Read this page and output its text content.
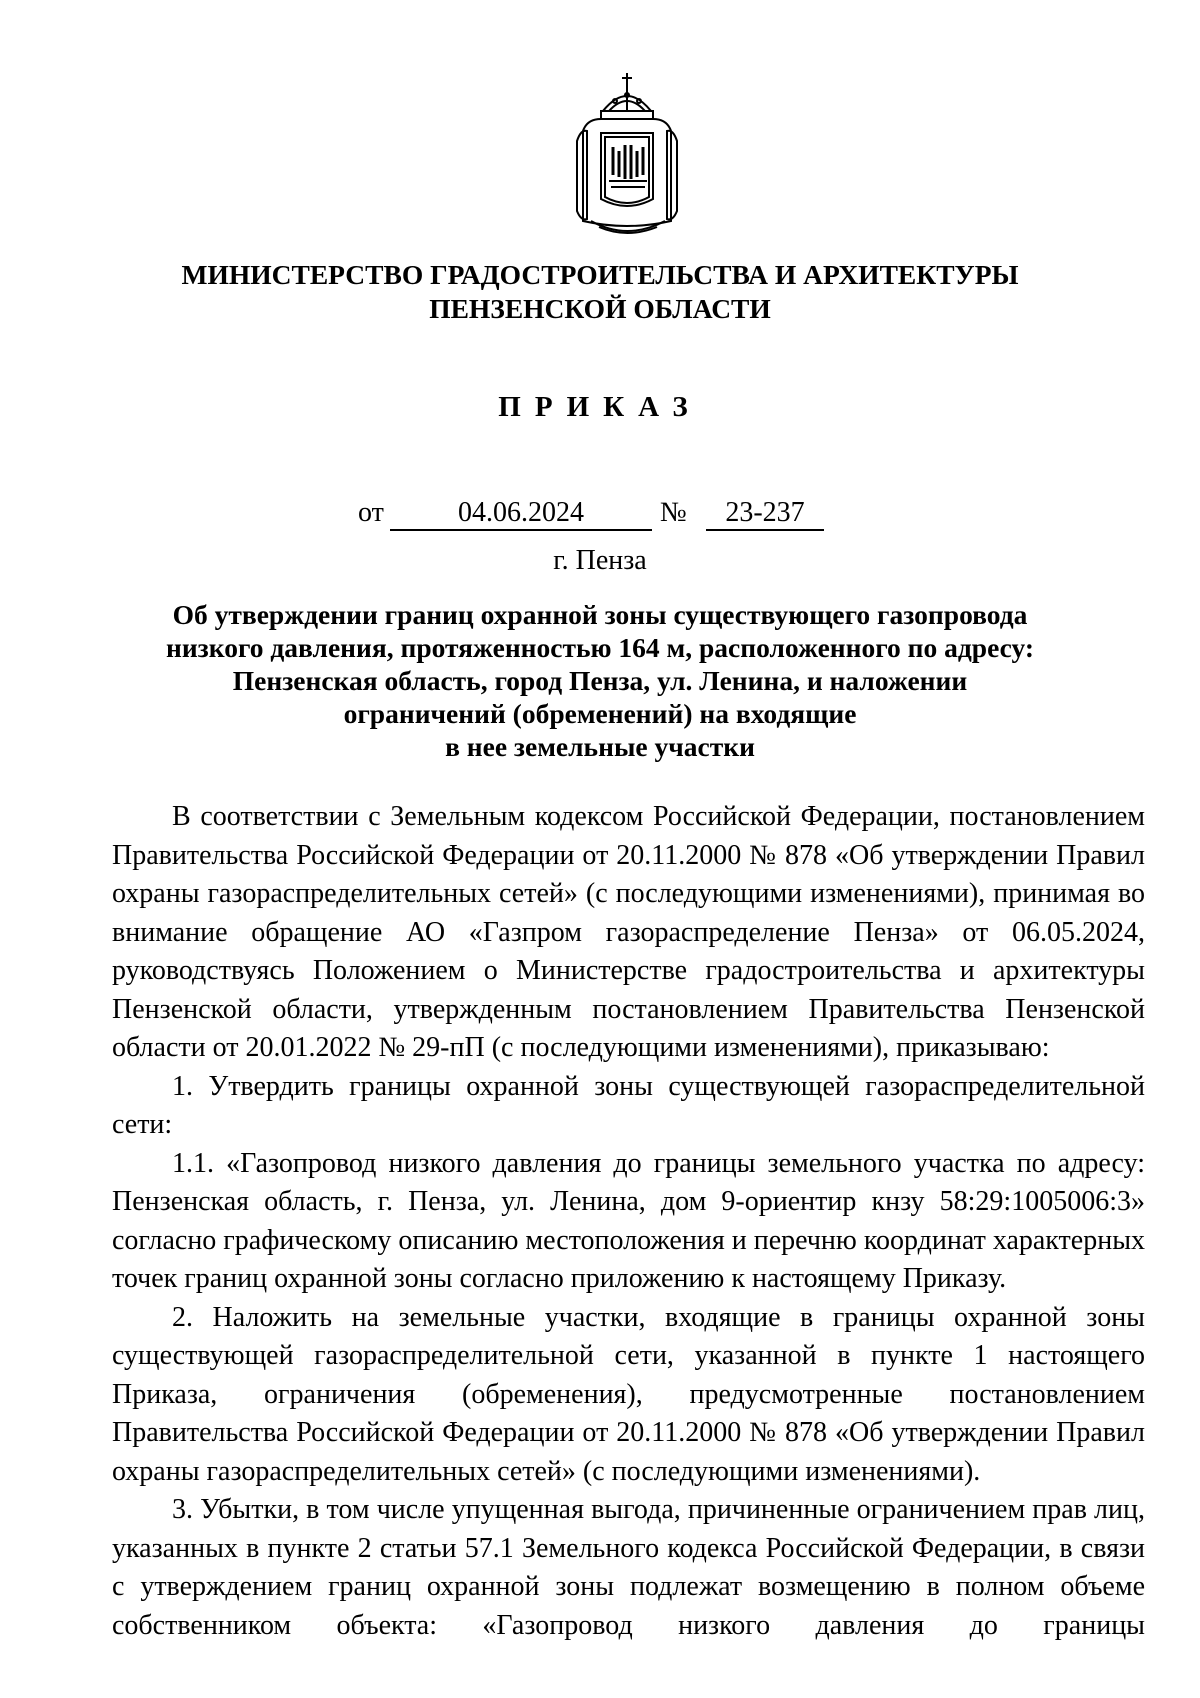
МИНИСТЕРСТВО ГРАДОСТРОИТЕЛЬСТВА И АРХИТЕКТУРЫ
ПЕНЗЕНСКОЙ ОБЛАСТИ
ПРИКАЗ
от	04.06.2024	№	23-237
г. Пенза
Об утверждении границ охранной зоны существующего газопровода
низкого давления, протяженностью 164 м, расположенного по адресу:
Пензенская область, город Пенза, ул. Ленина, и наложении
ограничений (обременений) на входящие
в нее земельные участки

В соответствии с Земельным кодексом Российской Федерации, постановлением Правительства Российской Федерации от 20.11.2000 № 878 «Об утверждении Правил охраны газораспределительных сетей» (с последующими изменениями), принимая во внимание обращение АО «Газпром газораспределение Пенза» от 06.05.2024, руководствуясь Положением о Министерстве градостроительства и архитектуры Пензенской области, утвержденным постановлением Правительства Пензенской области от 20.01.2022 № 29-пП (с последующими изменениями), приказываю:

1. Утвердить границы охранной зоны существующей газораспределительной сети:

1.1. «Газопровод низкого давления до границы земельного участка по адресу: Пензенская область, г. Пенза, ул. Ленина, дом 9-ориентир кнзу 58:29:1005006:3» согласно графическому описанию местоположения и перечню координат характерных точек границ охранной зоны согласно приложению к настоящему Приказу.

2. Наложить на земельные участки, входящие в границы охранной зоны существующей газораспределительной сети, указанной в пункте 1 настоящего Приказа, ограничения (обременения), предусмотренные постановлением Правительства Российской Федерации от 20.11.2000 № 878 «Об утверждении Правил охраны газораспределительных сетей» (с последующими изменениями).

3. Убытки, в том числе упущенная выгода, причиненные ограничением прав лиц, указанных в пункте 2 статьи 57.1 Земельного кодекса Российской Федерации, в связи с утверждением границ охранной зоны подлежат возмещению в полном объеме собственником объекта: «Газопровод низкого давления до границы
